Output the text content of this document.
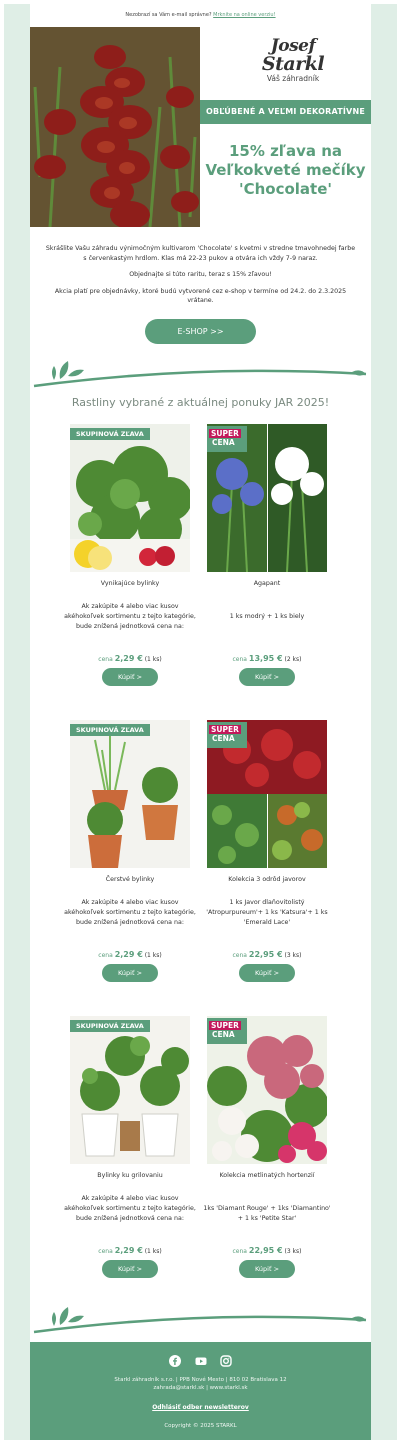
Nezobrazí sa Vám e-mail správne? Mrknite na online verziu!
Josef
Starkl
Váš záhradník
OBĽÚBENÉ A VEĽMI DEKORATÍVNE
15% zľava na Veľkokveté mečíky 'Chocolate'

Skrášlite Vašu záhradu výnimočným kultivarom 'Chocolate' s kvetmi v stredne tmavohnedej farbe s červenkastým hrdlom. Klas má 22-23 pukov a otvára ich vždy 7-9 naraz.

Objednajte si túto raritu, teraz s 15% zľavou!

Akcia platí pre objednávky, ktoré budú vytvorené cez e-shop v termíne od 24.2. do 2.3.2025 vrátane.

E-SHOP >>
Rastliny vybrané z aktuálnej ponuky JAR 2025!
SKUPINOVÁ ZĽAVA
Vynikajúce bylinky
Ak zakúpite 4 alebo viac kusov akéhokoľvek sortimentu z tejto kategórie, bude znížená jednotková cena na:
cena 2,29 € (1 ks)
Kúpiť >
SUPER
CENA
Agapant
1 ks modrý + 1 ks biely
cena 13,95 € (2 ks)
Kúpiť >
SKUPINOVÁ ZĽAVA
Čerstvé bylinky
Ak zakúpite 4 alebo viac kusov akéhokoľvek sortimentu z tejto kategórie, bude znížená jednotková cena na:
cena 2,29 € (1 ks)
Kúpiť >
SUPER
CENA
Kolekcia 3 odrôd javorov
1 ks Javor dlaňovitolistý 'Atropurpureum'+ 1 ks 'Katsura'+ 1 ks 'Emerald Lace'
cena 22,95 € (3 ks)
Kúpiť >
SKUPINOVÁ ZĽAVA
Bylinky ku grilovaniu
Ak zakúpite 4 alebo viac kusov akéhokoľvek sortimentu z tejto kategórie, bude znížená jednotková cena na:
cena 2,29 € (1 ks)
Kúpiť >
SUPER
CENA
Kolekcia metlinatých hortenzií
1ks 'Diamant Rouge' + 1ks 'Diamantino' + 1 ks 'Petite Star'
cena 22,95 € (3 ks)
Kúpiť >

Starkl záhradník s.r.o. | PPB Nové Mesto | 810 02 Bratislava 12
zahrada@starkl.sk | www.starkl.sk
Odhlásiť odber newsletterov
Copyright © 2025 STARKL
